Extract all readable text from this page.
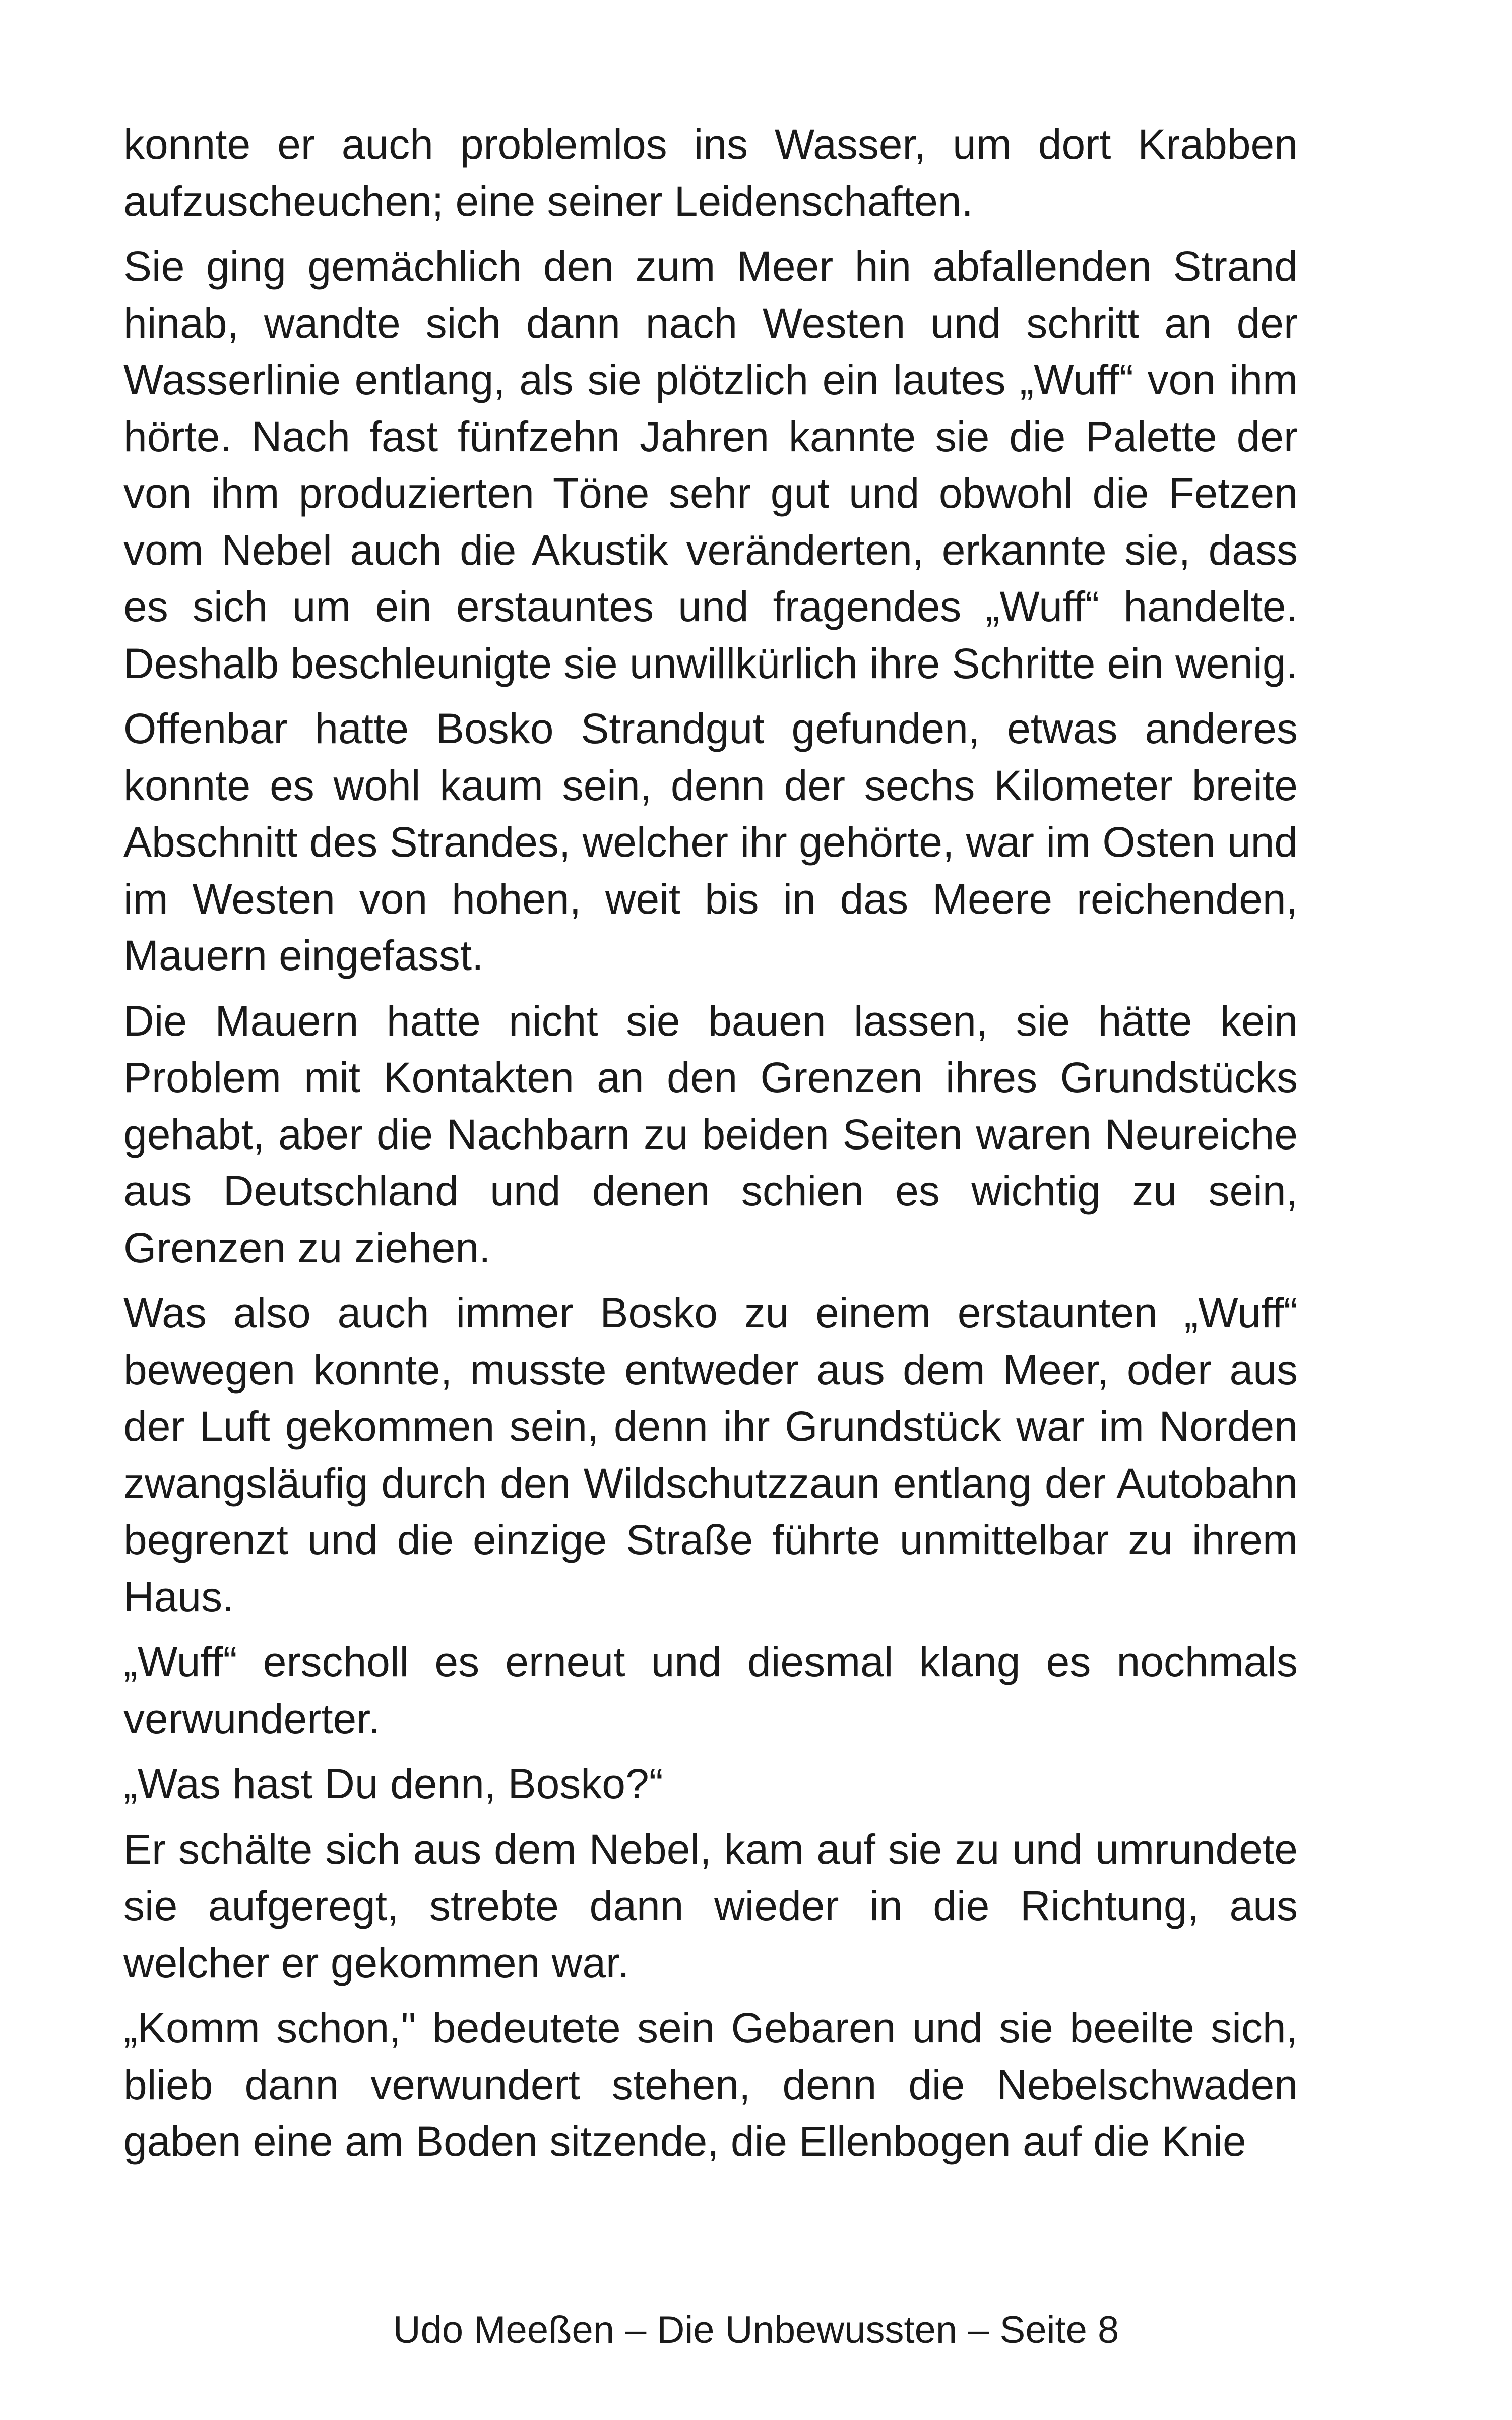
konnte er auch problemlos ins Wasser, um dort Krabben aufzuscheuchen; eine seiner Leidenschaften.

Sie ging gemächlich den zum Meer hin abfallenden Strand hinab, wandte sich dann nach Westen und schritt an der Wasserlinie entlang, als sie plötzlich ein lautes „Wuff“ von ihm hörte. Nach fast fünfzehn Jahren kannte sie die Palette der von ihm produzierten Töne sehr gut und obwohl die Fetzen vom Nebel auch die Akustik veränderten, erkannte sie, dass es sich um ein erstauntes und fragendes „Wuff“ handelte. Deshalb beschleunigte sie unwillkürlich ihre Schritte ein wenig.

Offenbar hatte Bosko Strandgut gefunden, etwas anderes konnte es wohl kaum sein, denn der sechs Kilometer breite Abschnitt des Strandes, welcher ihr gehörte, war im Osten und im Westen von hohen, weit bis in das Meere reichenden, Mauern eingefasst.

Die Mauern hatte nicht sie bauen lassen, sie hätte kein Problem mit Kontakten an den Grenzen ihres Grundstücks gehabt, aber die Nachbarn zu beiden Seiten waren Neureiche aus Deutschland und denen schien es wichtig zu sein, Grenzen zu ziehen.

Was also auch immer Bosko zu einem erstaunten „Wuff“ bewegen konnte, musste entweder aus dem Meer, oder aus der Luft gekommen sein, denn ihr Grundstück war im Norden zwangsläufig durch den Wildschutzzaun entlang der Autobahn begrenzt und die einzige Straße führte unmittelbar zu ihrem Haus.

„Wuff“ erscholl es erneut und diesmal klang es nochmals verwunderter.

„Was hast Du denn, Bosko?“

Er schälte sich aus dem Nebel, kam auf sie zu und umrundete sie aufgeregt, strebte dann wieder in die Richtung, aus welcher er gekommen war.

„Komm schon," bedeutete sein Gebaren und sie beeilte sich, blieb dann verwundert stehen, denn die Nebelschwaden gaben eine am Boden sitzende, die Ellenbogen auf die Knie

Udo Meeßen – Die Unbewussten – Seite 8
